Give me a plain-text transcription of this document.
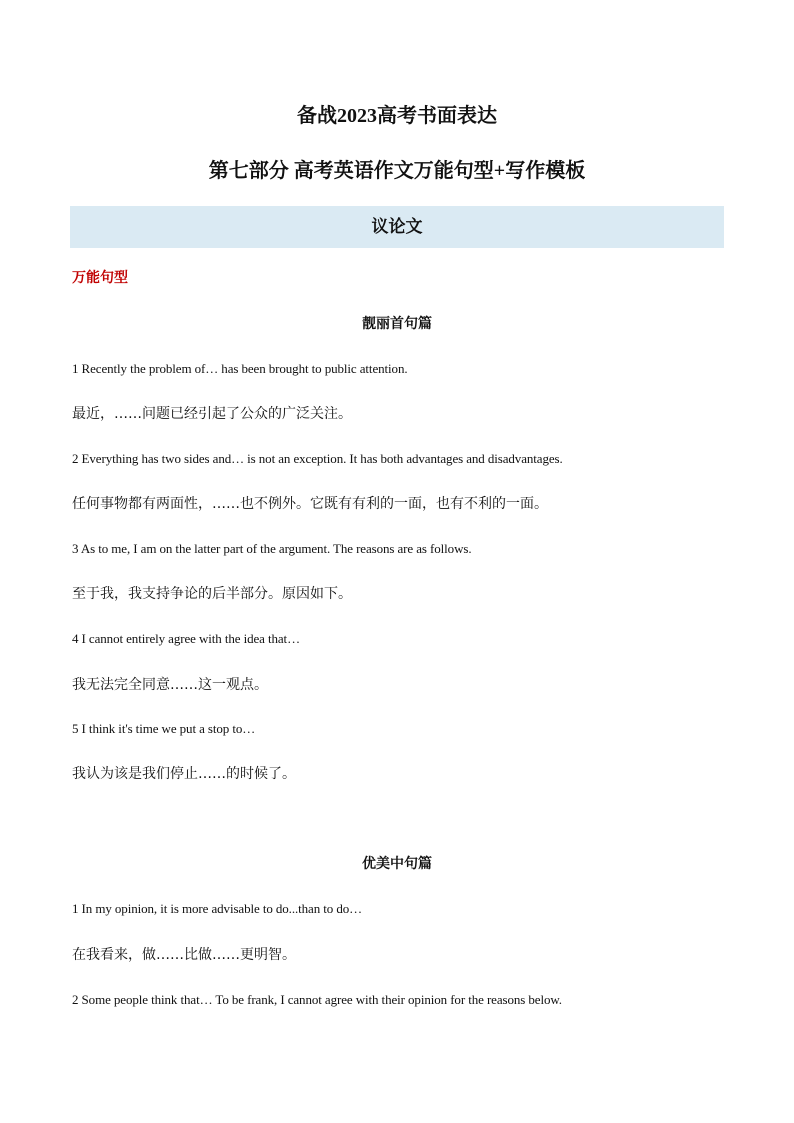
备战2023高考书面表达
第七部分 高考英语作文万能句型+写作模板
议论文
万能句型
靓丽首句篇
1 Recently the problem of… has been brought to public attention.
最近，……问题已经引起了公众的广泛关注。
2 Everything has two sides and… is not an exception. It has both advantages and disadvantages.
任何事物都有两面性，……也不例外。它既有有利的一面，也有不利的一面。
3 As to me, I am on the latter part of the argument. The reasons are as follows.
至于我，我支持争论的后半部分。原因如下。
4 I cannot entirely agree with the idea that…
我无法完全同意……这一观点。
5 I think it's time we put a stop to…
我认为该是我们停止……的时候了。
优美中句篇
1 In my opinion, it is more advisable to do...than to do…
在我看来，做……比做……更明智。
2 Some people think that… To be frank, I cannot agree with their opinion for the reasons below.
